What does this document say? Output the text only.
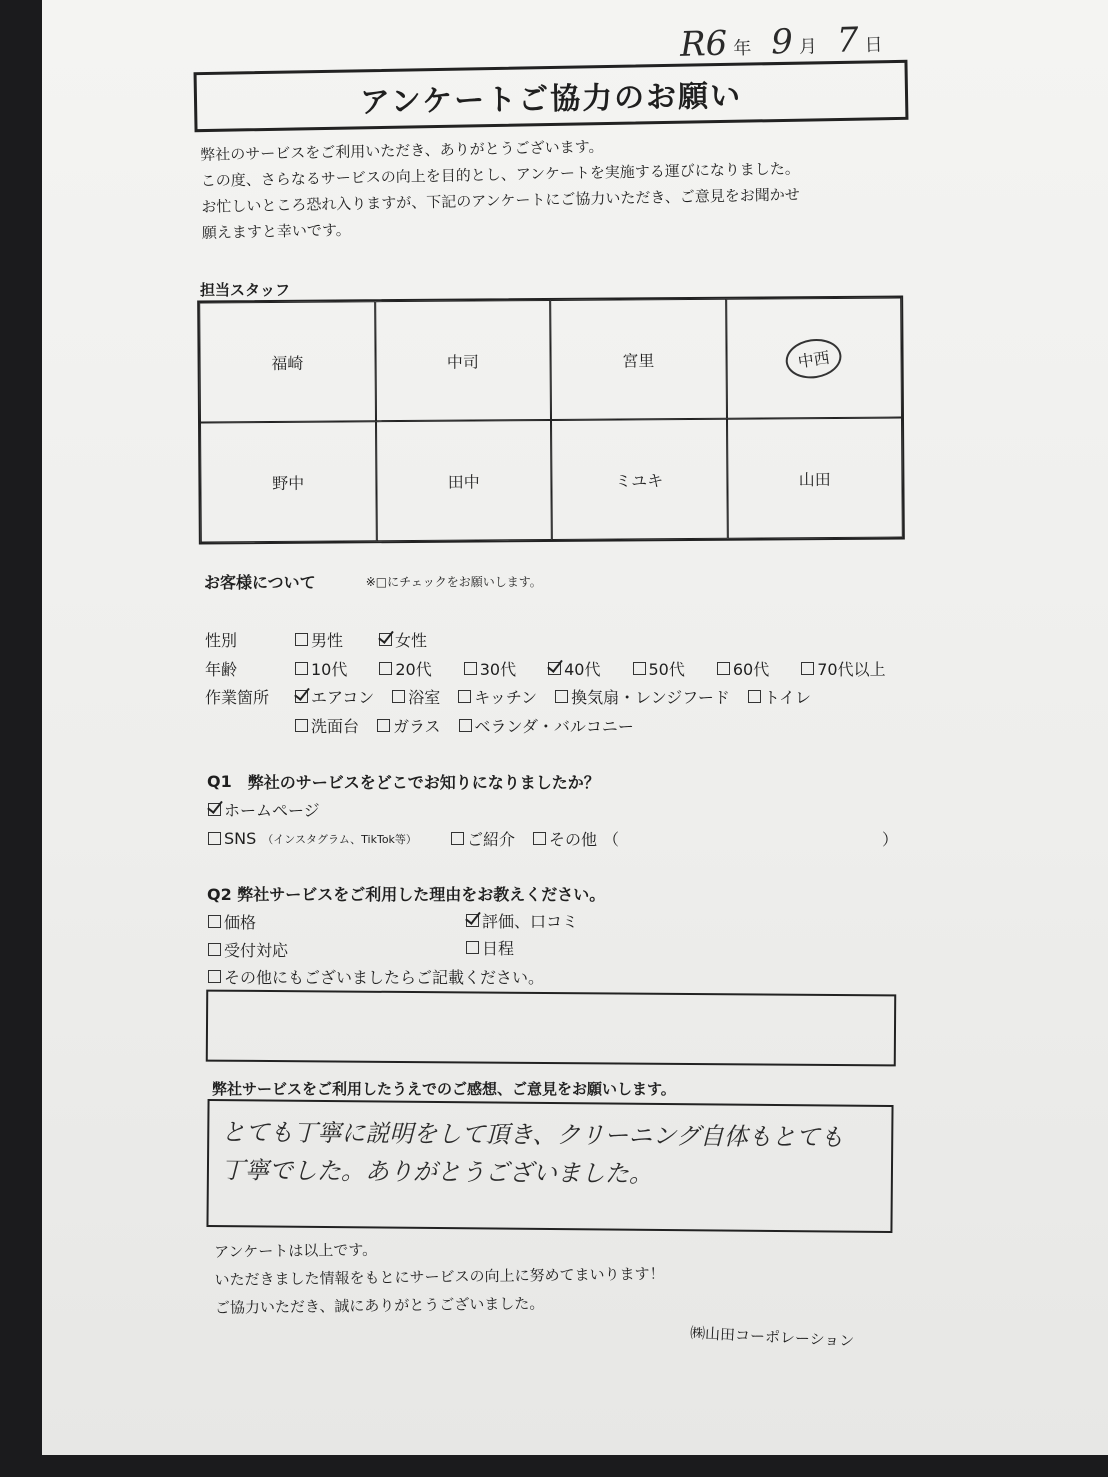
R6 年 9 月 7 日
アンケートご協力のお願い
弊社のサービスをご利用いただき、ありがとうございます。
この度、さらなるサービスの向上を目的とし、アンケートを実施する運びになりました。
お忙しいところ恐れ入りますが、下記のアンケートにご協力いただき、ご意見をお聞かせ
願えますと幸いです。
担当スタッフ
福崎	中司	宮里	中西
野中	田中	ミユキ	山田
お客様について	※□にチェックをお願いします。
性別	男性	女性
年齢	10代	20代	30代	40代	50代	60代	70代以上
作業箇所	エアコン 浴室 キッチン 換気扇・レンジフード トイレ
洗面台 ガラス ベランダ・バルコニー
Q1 弊社のサービスをどこでお知りになりましたか？
ホームページ
SNS （インスタグラム、TikTok等）	ご紹介 その他 （	）
Q2 弊社サービスをご利用した理由をお教えください。
価格	評価、口コミ
受付対応	日程
その他にもございましたらご記載ください。
弊社サービスをご利用したうえでのご感想、ご意見をお願いします。
とても丁寧に説明をして頂き、クリーニング自体もとても
丁寧でした。ありがとうございました。
アンケートは以上です。
いただきました情報をもとにサービスの向上に努めてまいります！
ご協力いただき、誠にありがとうございました。
㈱山田コーポレーション
